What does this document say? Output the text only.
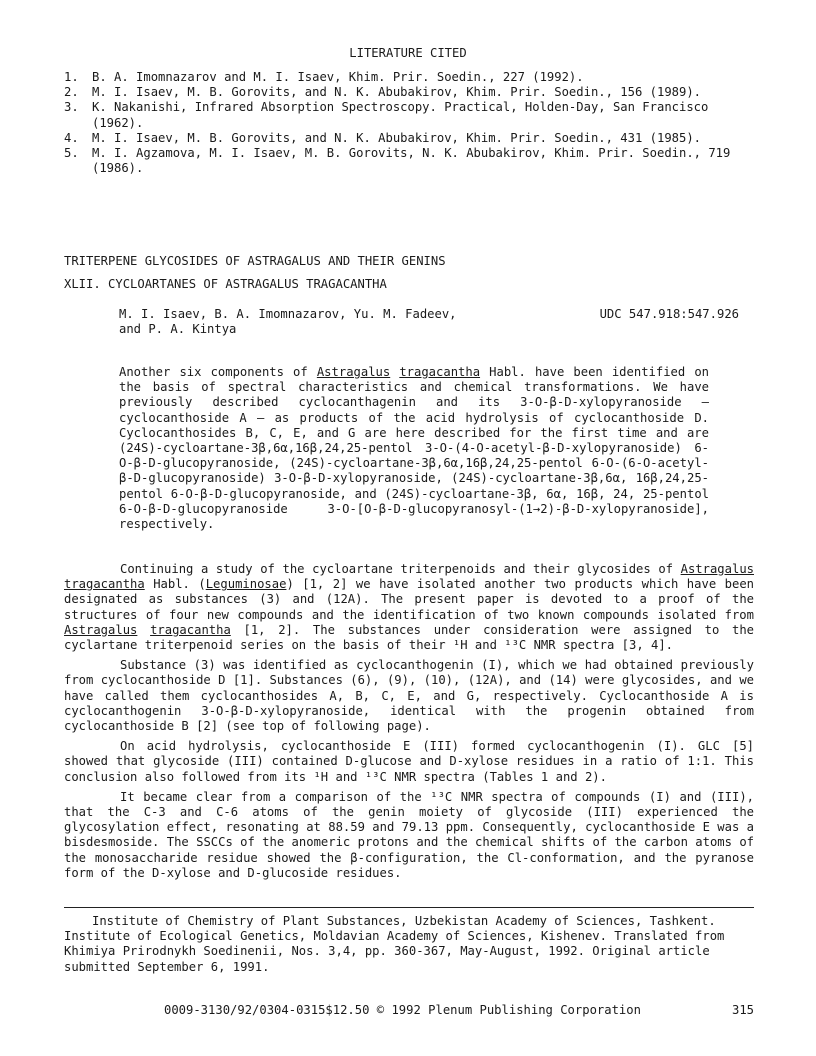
LITERATURE CITED
1.	B. A. Imomnazarov and M. I. Isaev, Khim. Prir. Soedin., 227 (1992).
2.	M. I. Isaev, M. B. Gorovits, and N. K. Abubakirov, Khim. Prir. Soedin., 156 (1989).
3.	K. Nakanishi, Infrared Absorption Spectroscopy. Practical, Holden-Day, San Francisco (1962).
4.	M. I. Isaev, M. B. Gorovits, and N. K. Abubakirov, Khim. Prir. Soedin., 431 (1985).
5.	M. I. Agzamova, M. I. Isaev, M. B. Gorovits, N. K. Abubakirov, Khim. Prir. Soedin., 719 (1986).
TRITERPENE GLYCOSIDES OF ASTRAGALUS AND THEIR GENINS
XLII. CYCLOARTANES OF ASTRAGALUS TRAGACANTHA
M. I. Isaev, B. A. Imomnazarov, Yu. M. Fadeev,	UDC 547.918:547.926
and P. A. Kintya
Another six components of Astragalus tragacantha Habl. have been identified on the basis of spectral characteristics and chemical transformations. We have previously described cyclocanthagenin and its 3-O-β-D-xylopyranoside — cyclocanthoside A — as products of the acid hydrolysis of cyclocanthoside D. Cyclocanthosides B, C, E, and G are here described for the first time and are (24S)-cycloartane-3β,6α,16β,24,25-pentol 3-O-(4-O-acetyl-β-D-xylopyranoside) 6-O-β-D-glucopyranoside, (24S)-cycloartane-3β,6α,16β,24,25-pentol 6-O-(6-O-acetyl-β-D-glucopyranoside) 3-O-β-D-xylopyranoside, (24S)-cycloartane-3β,6α, 16β,24,25-pentol 6-O-β-D-glucopyranoside, and (24S)-cycloartane-3β, 6α, 16β, 24, 25-pentol 6-O-β-D-glucopyranoside 3-O-[O-β-D-glucopyranosyl-(1→2)-β-D-xylopyranoside], respectively.

Continuing a study of the cycloartane triterpenoids and their glycosides of Astragalus tragacantha Habl. (Leguminosae) [1, 2] we have isolated another two products which have been designated as substances (3) and (12A). The present paper is devoted to a proof of the structures of four new compounds and the identification of two known compounds isolated from Astragalus tragacantha [1, 2]. The substances under consideration were assigned to the cyclartane triterpenoid series on the basis of their ¹H and ¹³C NMR spectra [3, 4].

Substance (3) was identified as cyclocanthogenin (I), which we had obtained previously from cyclocanthoside D [1]. Substances (6), (9), (10), (12A), and (14) were glycosides, and we have called them cyclocanthosides A, B, C, E, and G, respectively. Cyclocanthoside A is cyclocanthogenin 3-O-β-D-xylopyranoside, identical with the progenin obtained from cyclocanthoside B [2] (see top of following page).

On acid hydrolysis, cyclocanthoside E (III) formed cyclocanthogenin (I). GLC [5] showed that glycoside (III) contained D-glucose and D-xylose residues in a ratio of 1:1. This conclusion also followed from its ¹H and ¹³C NMR spectra (Tables 1 and 2).

It became clear from a comparison of the ¹³C NMR spectra of compounds (I) and (III), that the C-3 and C-6 atoms of the genin moiety of glycoside (III) experienced the glycosylation effect, resonating at 88.59 and 79.13 ppm. Consequently, cyclocanthoside E was a bisdesmoside. The SSCCs of the anomeric protons and the chemical shifts of the carbon atoms of the monosaccharide residue showed the β-configuration, the Cl-conformation, and the pyranose form of the D-xylose and D-glucoside residues.

Institute of Chemistry of Plant Substances, Uzbekistan Academy of Sciences, Tashkent.
Institute of Ecological Genetics, Moldavian Academy of Sciences, Kishenev. Translated from Khimiya Prirodnykh Soedinenii, Nos. 3,4, pp. 360-367, May-August, 1992. Original article submitted September 6, 1991.
0009-3130/92/0304-0315$12.50 © 1992 Plenum Publishing Corporation	315
